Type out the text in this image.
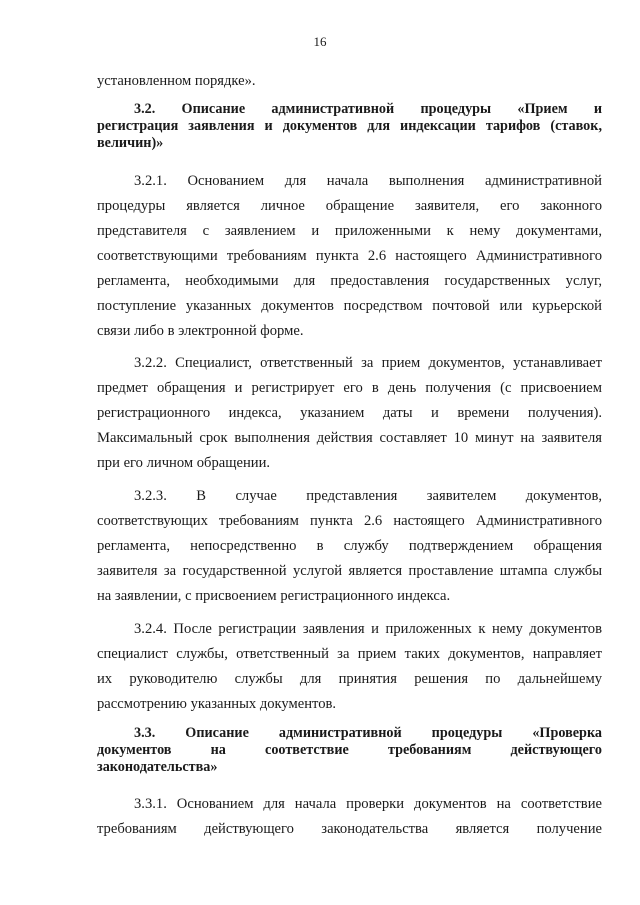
16
установленном порядке».
3.2. Описание административной процедуры «Прием и
регистрация заявления и документов для индексации тарифов (ставок,
величин)»
3.2.1. Основанием для начала выполнения административной
процедуры является личное обращение заявителя, его законного
представителя с заявлением и приложенными к нему документами,
соответствующими требованиям пункта 2.6 настоящего Административного
регламента, необходимыми для предоставления государственных услуг,
поступление указанных документов посредством почтовой или курьерской
связи либо в электронной форме.
3.2.2. Специалист, ответственный за прием документов, устанавливает
предмет обращения и регистрирует его в день получения (с присвоением
регистрационного индекса, указанием даты и времени получения).
Максимальный срок выполнения действия составляет 10 минут на заявителя
при его личном обращении.
3.2.3. В случае представления заявителем документов,
соответствующих требованиям пункта 2.6 настоящего Административного
регламента, непосредственно в службу подтверждением обращения
заявителя за государственной услугой является проставление штампа службы
на заявлении, с присвоением регистрационного индекса.
3.2.4. После регистрации заявления и приложенных к нему документов
специалист службы, ответственный за прием таких документов, направляет
их руководителю службы для принятия решения по дальнейшему
рассмотрению указанных документов.
3.3. Описание административной процедуры «Проверка
документов на соответствие требованиям действующего
законодательства»
3.3.1. Основанием для начала проверки документов на соответствие
требованиям действующего законодательства является получение
